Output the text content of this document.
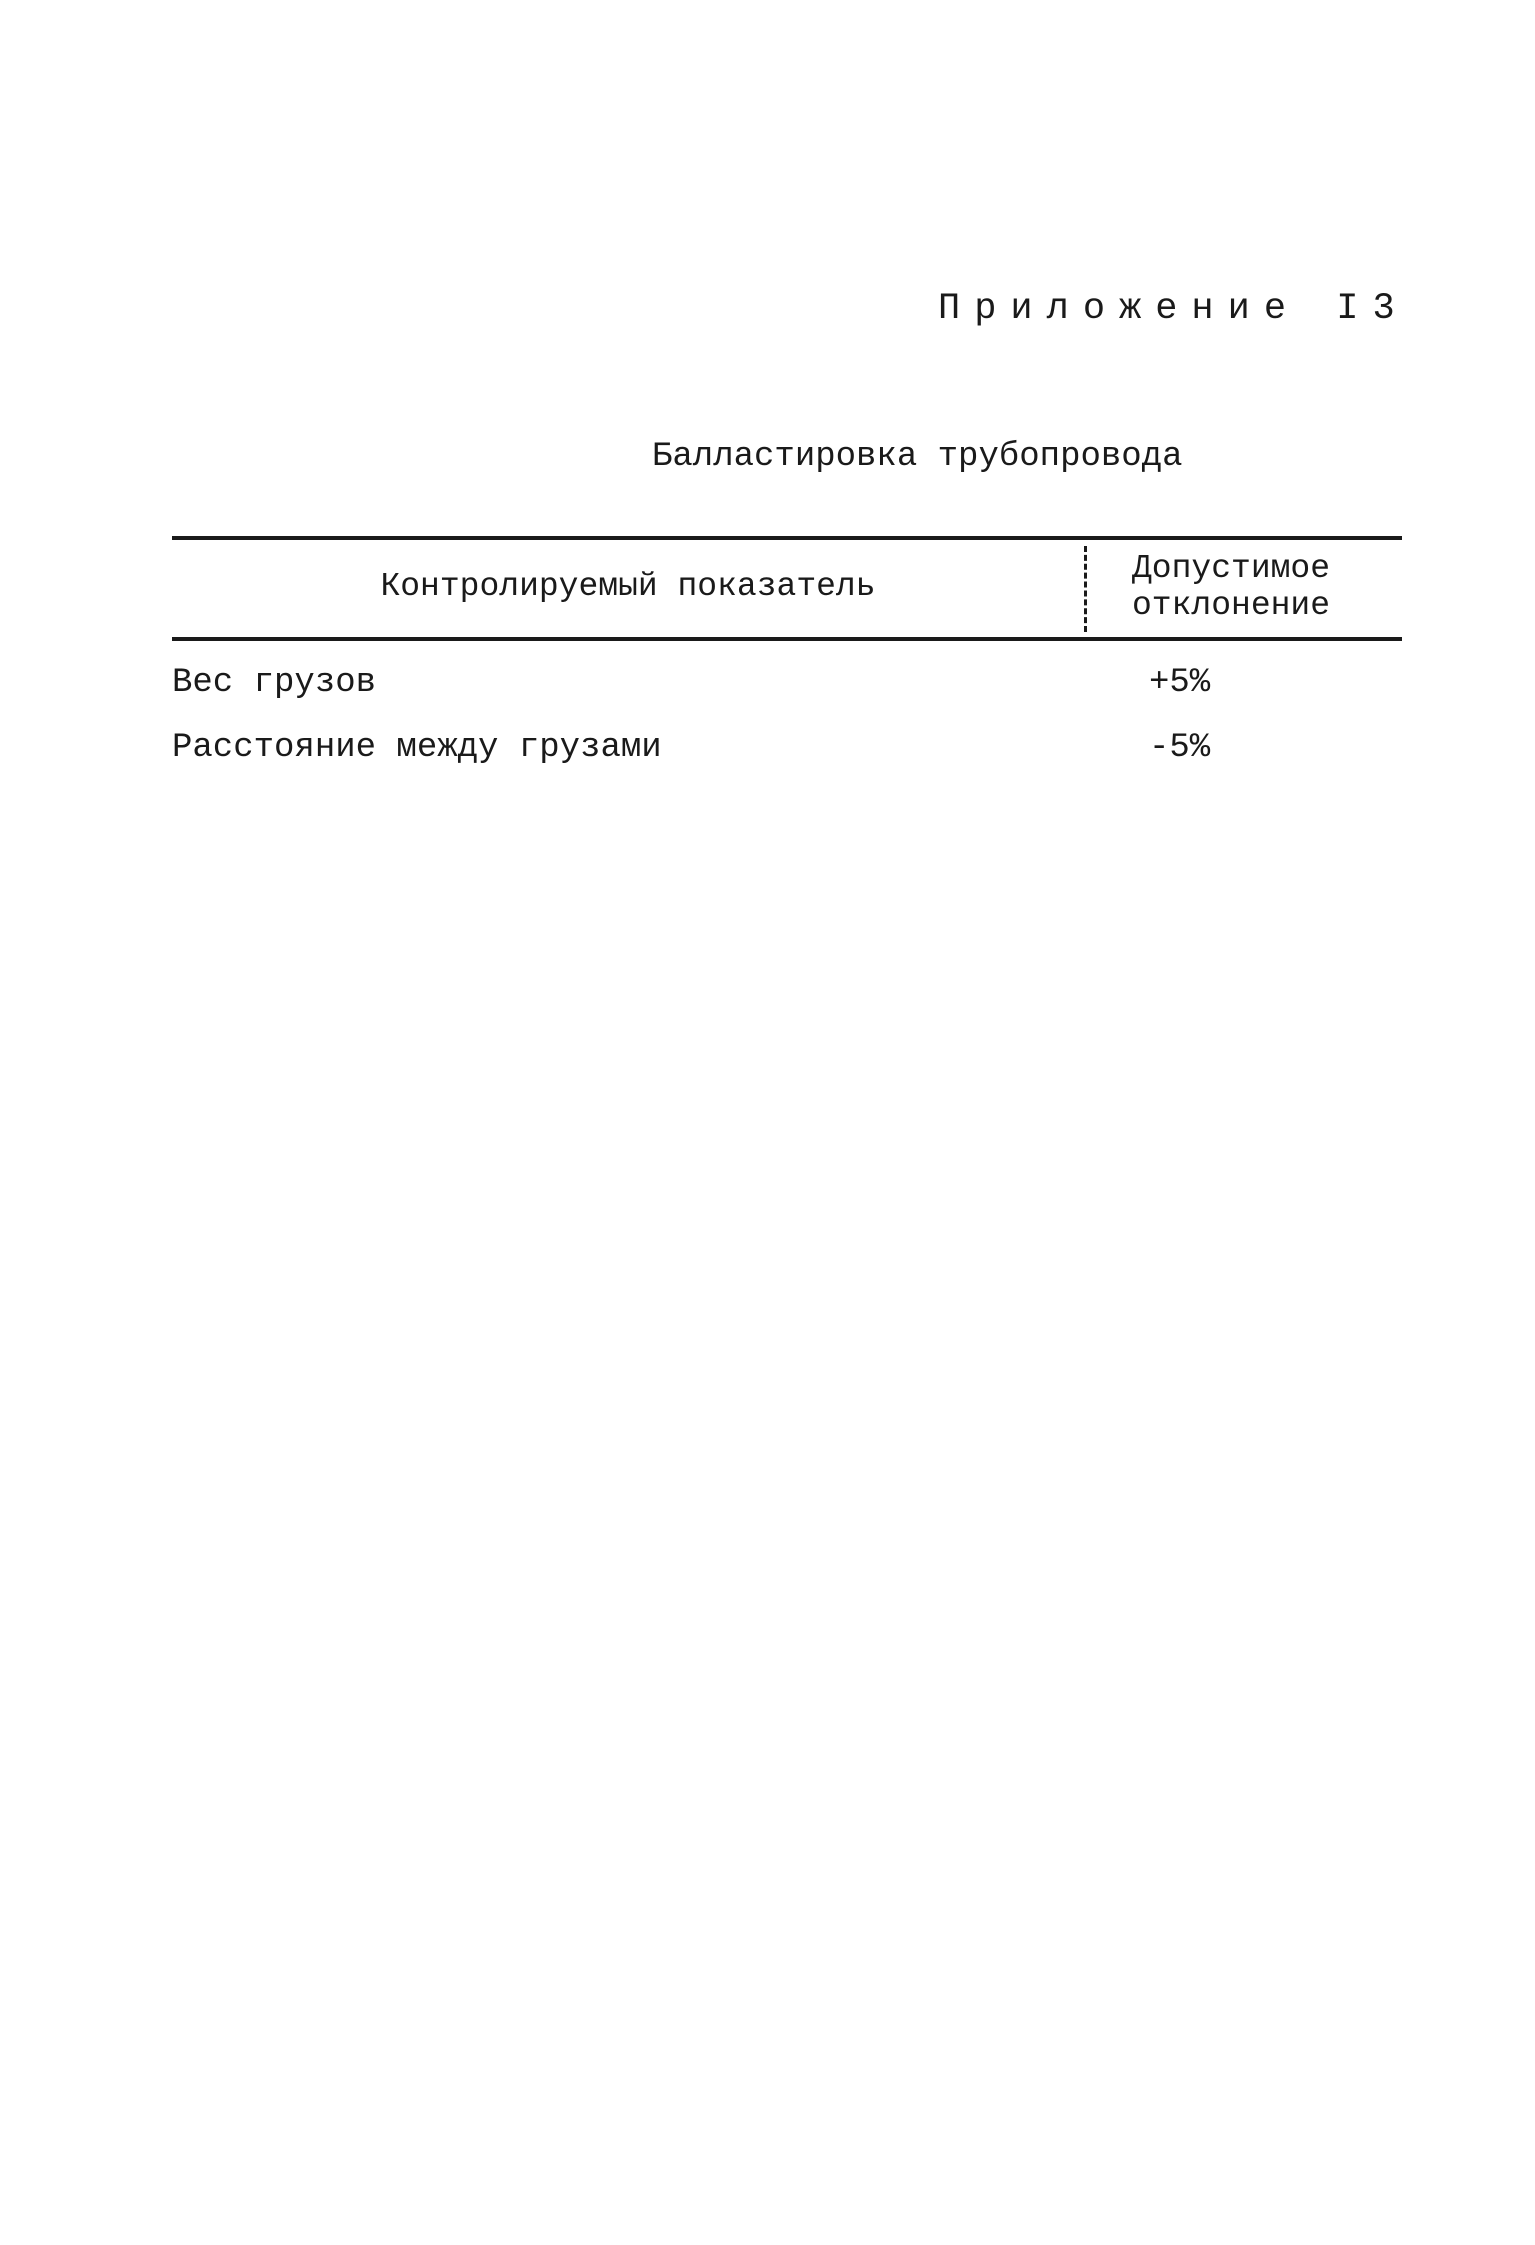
Приложение I3
Балластировка трубопровода
Контролируемый показатель	Допустимое
отклонение
Вес грузов	+5%
Расстояние между грузами	-5%
